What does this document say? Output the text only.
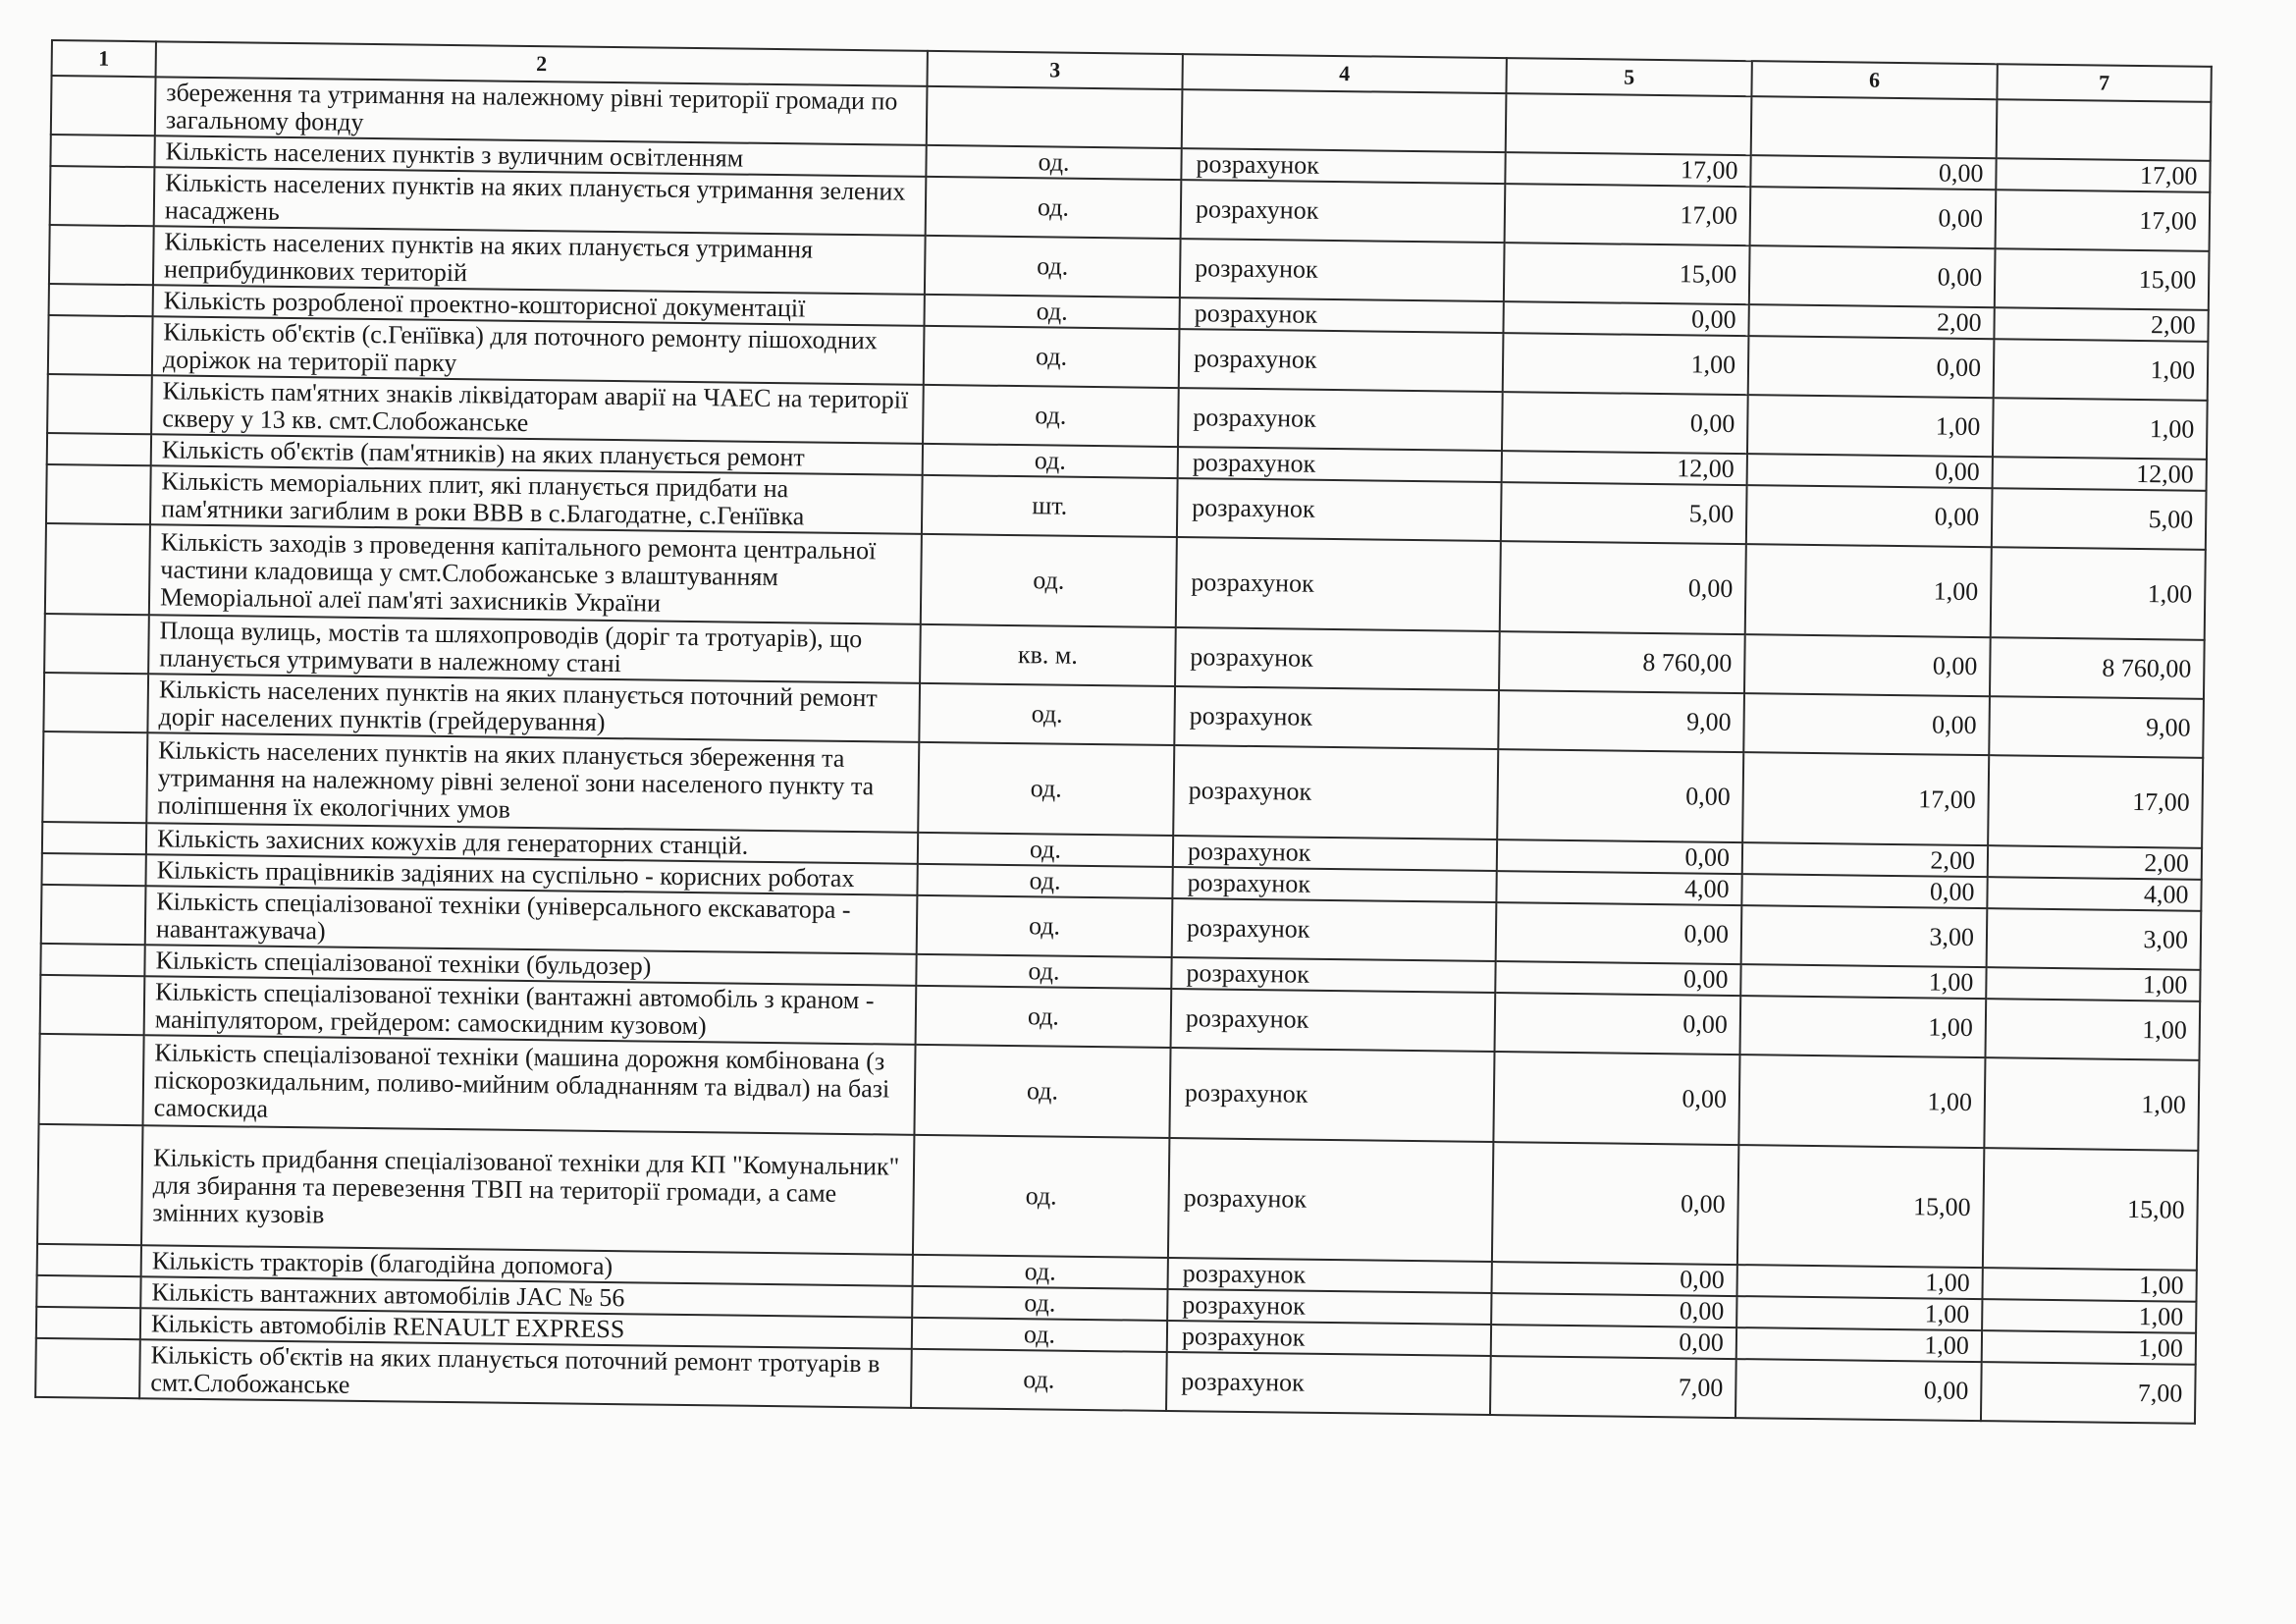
1	2	3	4	5	6	7
	збереження та утримання на належному рівні території громади по загальному фонду					
	Кількість населених пунктів з вуличним освітленням	од.	розрахунок	17,00	0,00	17,00
	Кількість населених пунктів на яких планується утримання зелених насаджень	од.	розрахунок	17,00	0,00	17,00
	Кількість населених пунктів на яких планується утримання неприбудинкових територій	од.	розрахунок	15,00	0,00	15,00
	Кількість розробленої проектно-кошторисної документації	од.	розрахунок	0,00	2,00	2,00
	Кількість об'єктів (с.Генїївка) для поточного ремонту пішоходних доріжок на території парку	од.	розрахунок	1,00	0,00	1,00
	Кількість пам'ятних знаків ліквідаторам аварії на ЧАЕС на території скверу у 13 кв. смт.Слобожанське	од.	розрахунок	0,00	1,00	1,00
	Кількість об'єктів (пам'ятників) на яких планується ремонт	од.	розрахунок	12,00	0,00	12,00
	Кількість меморіальних плит, які планується придбати на пам'ятники загиблим в роки ВВВ в с.Благодатне, с.Генїївка	шт.	розрахунок	5,00	0,00	5,00
	Кількість заходів з проведення капітального ремонта центральної частини кладовища у смт.Слобожанське з влаштуванням Меморіальної алеї пам'яті захисників України	од.	розрахунок	0,00	1,00	1,00
	Площа вулиць, мостів та шляхопроводів (доріг та тротуарів), що планується утримувати в належному стані	кв. м.	розрахунок	8 760,00	0,00	8 760,00
	Кількість населених пунктів на яких планується поточний ремонт доріг населених пунктів (грейдерування)	од.	розрахунок	9,00	0,00	9,00
	Кількість населених пунктів на яких планується збереження та утримання на належному рівні зеленої зони населеного пункту та поліпшення їх екологічних умов	од.	розрахунок	0,00	17,00	17,00
	Кількість захисних кожухів для генераторних станцій.	од.	розрахунок	0,00	2,00	2,00
	Кількість працівників задіяних на суспільно - корисних роботах	од.	розрахунок	4,00	0,00	4,00
	Кількість спеціалізованої техніки (універсального екскаватора - навантажувача)	од.	розрахунок	0,00	3,00	3,00
	Кількість спеціалізованої техніки (бульдозер)	од.	розрахунок	0,00	1,00	1,00
	Кількість спеціалізованої техніки (вантажні автомобіль з краном - маніпулятором, грейдером: самоскидним кузовом)	од.	розрахунок	0,00	1,00	1,00
	Кількість спеціалізованої техніки (машина дорожня комбінована (з піскорозкидальним, поливо-мийним обладнанням та відвал) на базі самоскида	од.	розрахунок	0,00	1,00	1,00
	Кількість придбання спеціалізованої техніки для КП "Комунальник" для збирання та перевезення ТВП на території громади, а саме змінних кузовів	од.	розрахунок	0,00	15,00	15,00
	Кількість тракторів (благодійна допомога)	од.	розрахунок	0,00	1,00	1,00
	Кількість вантажних автомобілів JAC № 56	од.	розрахунок	0,00	1,00	1,00
	Кількість автомобілів RENAULT EXPRESS	од.	розрахунок	0,00	1,00	1,00
	Кількість об'єктів на яких планується поточний ремонт тротуарів в смт.Слобожанське	од.	розрахунок	7,00	0,00	7,00
